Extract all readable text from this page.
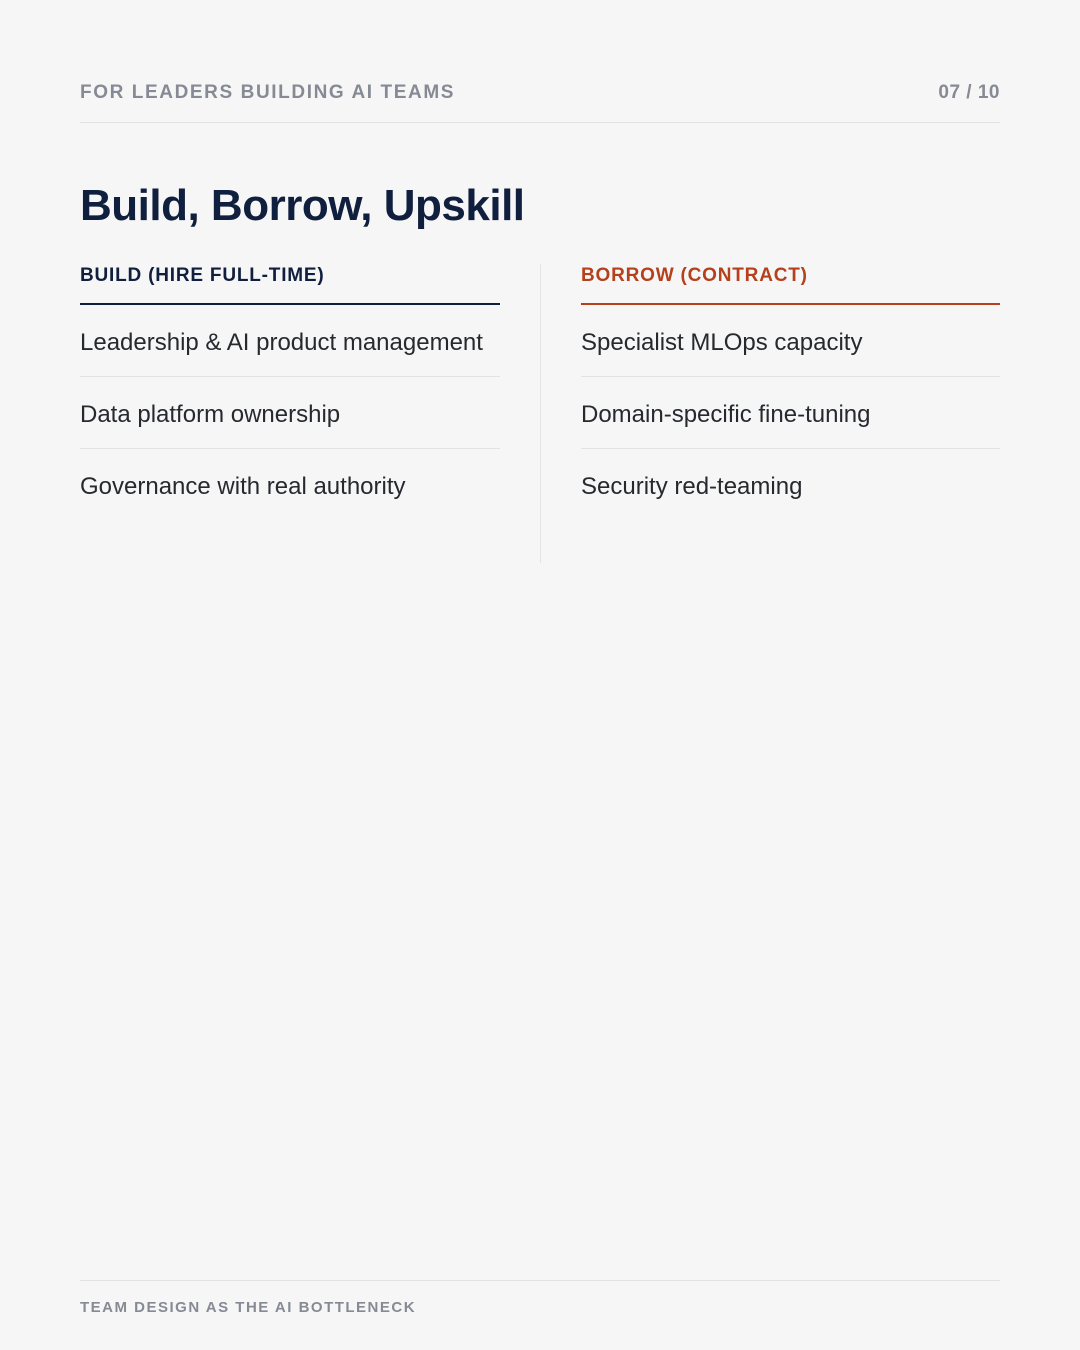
FOR LEADERS BUILDING AI TEAMS	07 / 10
Build, Borrow, Upskill
BUILD (HIRE FULL-TIME)
Leadership & AI product management
Data platform ownership
Governance with real authority
BORROW (CONTRACT)
Specialist MLOps capacity
Domain-specific fine-tuning
Security red-teaming
TEAM DESIGN AS THE AI BOTTLENECK
